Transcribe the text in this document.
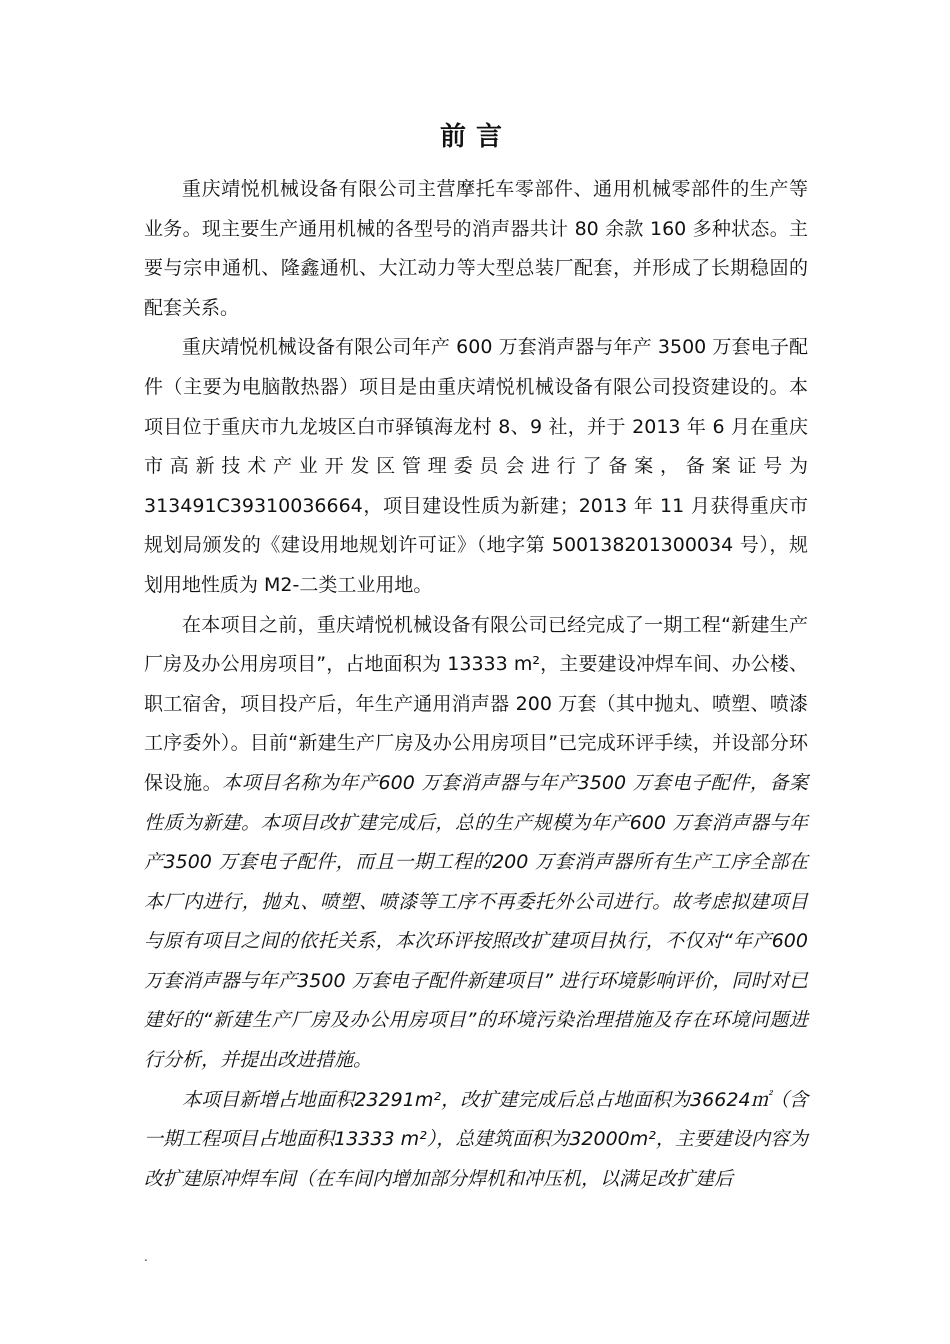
前言

重庆靖悦机械设备有限公司主营摩托车零部件、通用机械零部件的生产等业务。现主要生产通用机械的各型号的消声器共计 80 余款 160 多种状态。主要与宗申通机、隆鑫通机、大江动力等大型总装厂配套，并形成了长期稳固的配套关系。

重庆靖悦机械设备有限公司年产 600 万套消声器与年产 3500 万套电子配件（主要为电脑散热器）项目是由重庆靖悦机械设备有限公司投资建设的。本项目位于重庆市九龙坡区白市驿镇海龙村 8、9 社，并于 2013 年 6 月在重庆市高新技术产业开发区管理委员会进行了备案，备案证号为313491C39310036664，项目建设性质为新建；2013 年 11 月获得重庆市规划局颁发的《建设用地规划许可证》（地字第 500138201300034 号），规划用地性质为 M2-二类工业用地。

在本项目之前，重庆靖悦机械设备有限公司已经完成了一期工程“新建生产厂房及办公用房项目”，占地面积为 13333 m²，主要建设冲焊车间、办公楼、职工宿舍，项目投产后，年生产通用消声器 200 万套（其中抛丸、喷塑、喷漆工序委外）。目前“新建生产厂房及办公用房项目”已完成环评手续，并设部分环保设施。本项目名称为年产600 万套消声器与年产3500 万套电子配件，备案性质为新建。本项目改扩建完成后，总的生产规模为年产600 万套消声器与年产3500 万套电子配件，而且一期工程的200 万套消声器所有生产工序全部在本厂内进行，抛丸、喷塑、喷漆等工序不再委托外公司进行。故考虑拟建项目与原有项目之间的依托关系，本次环评按照改扩建项目执行，不仅对“年产600 万套消声器与年产3500 万套电子配件新建项目” 进行环境影响评价，同时对已建好的“新建生产厂房及办公用房项目”的环境污染治理措施及存在环境问题进行分析，并提出改进措施。

本项目新增占地面积23291m²，改扩建完成后总占地面积为36624㎡（含一期工程项目占地面积13333 m²），总建筑面积为32000m²，主要建设内容为改扩建原冲焊车间（在车间内增加部分焊机和冲压机，以满足改扩建后

.
